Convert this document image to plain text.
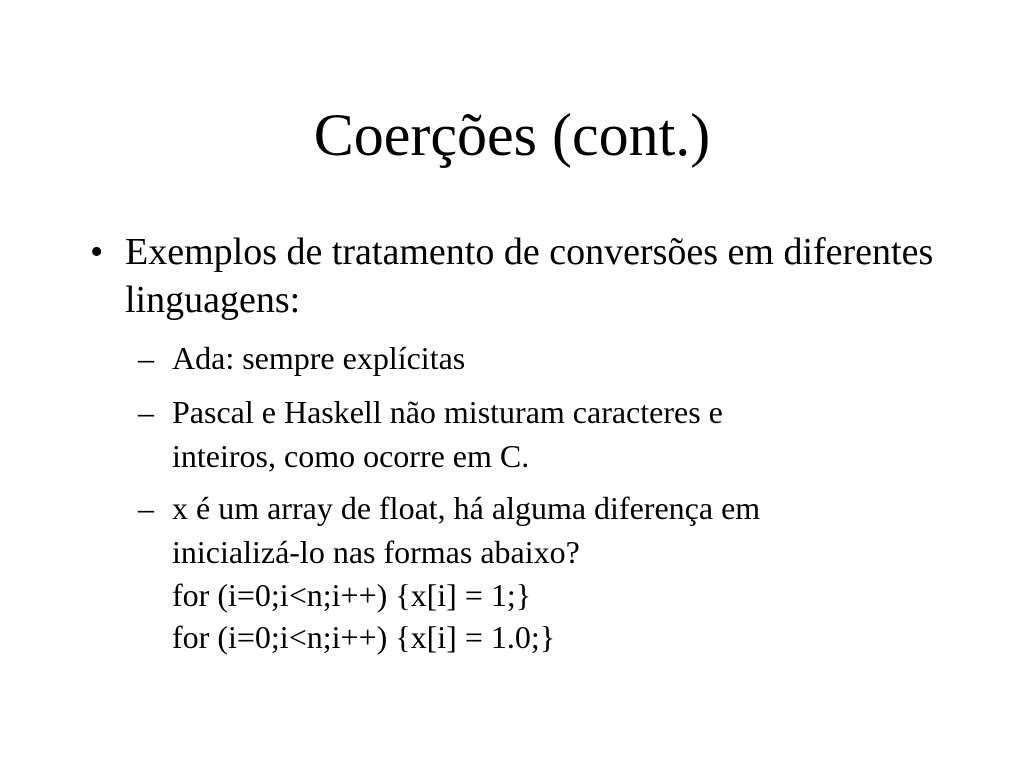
Coerções (cont.)
• Exemplos de tratamento de conversões em diferentes linguagens:
– Ada: sempre explícitas
– Pascal e Haskell não misturam caracteres e
inteiros, como ocorre em C.
– x é um array de float, há alguma diferença em
inicializá-lo nas formas abaixo?
for (i=0;i<n;i++) {x[i] = 1;}
for (i=0;i<n;i++) {x[i] = 1.0;}
